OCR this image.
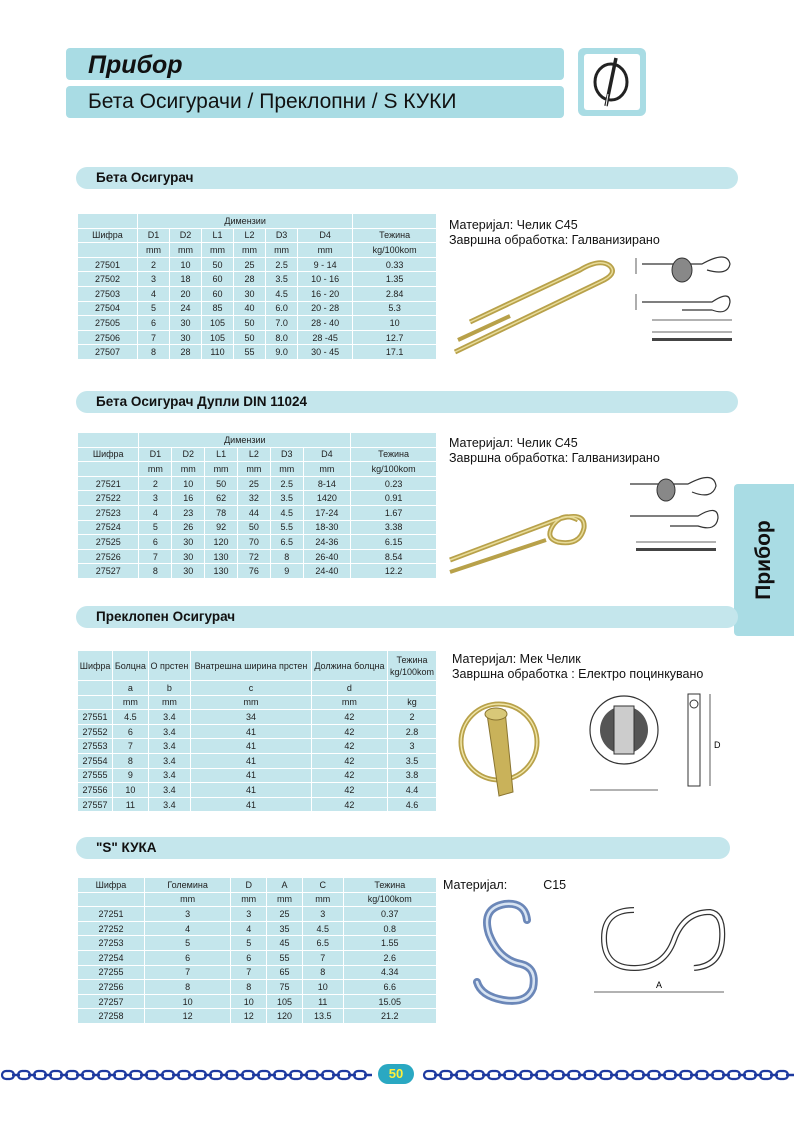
Прибор
Бета Осигурачи / Преклопни / S КУКИ
Прибор
Бета Осигурач
	Димензии						
Шифра	D1	D2	L1	L2	D3	D4	Тежина
	mm	mm	mm	mm	mm	mm	kg/100kom
27501	2	10	50	25	2.5	9 - 14	0.33
27502	3	18	60	28	3.5	10 - 16	1.35
27503	4	20	60	30	4.5	16 - 20	2.84
27504	5	24	85	40	6.0	20 - 28	5.3
27505	6	30	105	50	7.0	28 - 40	10
27506	7	30	105	50	8.0	28 -45	12.7
27507	8	28	110	55	9.0	30 - 45	17.1
Материјал: Челик C45
Завршна обработка: Галванизирано
Бета Осигурач Дупли DIN 11024
	Димензии						
Шифра	D1	D2	L1	L2	D3	D4	Тежина
	mm	mm	mm	mm	mm	mm	kg/100kom
27521	2	10	50	25	2.5	8-14	0.23
27522	3	16	62	32	3.5	1420	0.91
27523	4	23	78	44	4.5	17-24	1.67
27524	5	26	92	50	5.5	18-30	3.38
27525	6	30	120	70	6.5	24-36	6.15
27526	7	30	130	72	8	26-40	8.54
27527	8	30	130	76	9	24-40	12.2
Материјал: Челик C45
Завршна обработка: Галванизирано
Преклопен Осигурач
Шифра	Болцна	О прстен	Внатрешна ширина прстен	Должина болцна	Тежина
kg/100kom

	a	b	c	d	
	mm	mm	mm	mm	kg
27551	4.5	3.4	34	42	2
27552	6	3.4	41	42	2.8
27553	7	3.4	41	42	3
27554	8	3.4	41	42	3.5
27555	9	3.4	41	42	3.8
27556	10	3.4	41	42	4.4
27557	11	3.4	41	42	4.6
Материјал: Мек Челик
Завршна обработка : Електро поцинкувано
D
"S" КУКА
Шифра	Големина	D	A	C	Тежина
	mm	mm	mm	mm	kg/100kom
27251	3	3	25	3	0.37
27252	4	4	35	4.5	0.8
27253	5	5	45	6.5	1.55
27254	6	6	55	7	2.6
27255	7	7	65	8	4.34
27256	8	8	75	10	6.6
27257	10	10	105	11	15.05
27258	12	12	120	13.5	21.2
Материјал:	C15
A
50
